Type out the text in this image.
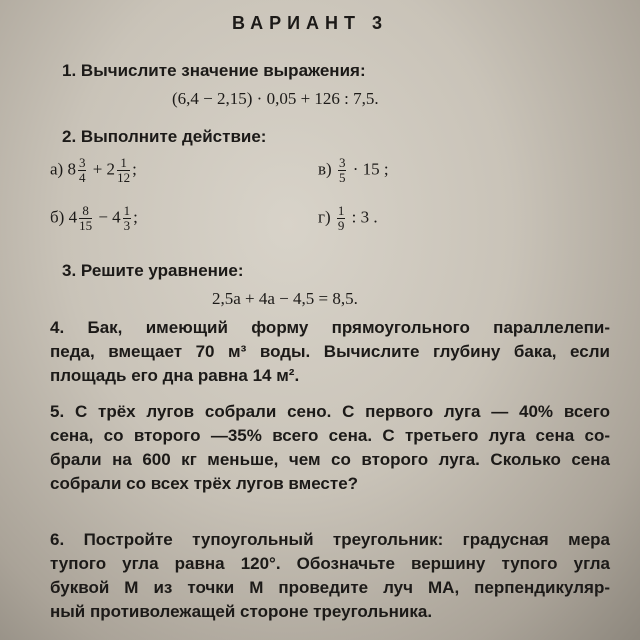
ВАРИАНТ 3
1. Вычислите значение выражения:
(6,4 − 2,15) · 0,05 + 126 : 7,5.
2. Выполните действие:
а) $8 \frac{3}{4} + 2 \frac{1}{12}$ ;	$в) \frac{3}{5} \cdot 15$ ;
б) $4 \frac{8}{15} - 4 \frac{1}{3}$ ;	$г) \frac{1}{9}$ : 3 .
3. Решите уравнение:
2,5a + 4a − 4,5 = 8,5.
4. Бак, имеющий форму прямоугольного параллелепи-
педа, вмещает 70 м³ воды. Вычислите глубину бака, если
площадь его дна равна 14 м².
5. С трёх лугов собрали сено. С первого луга — 40% всего
сена, со второго —35% всего сена. С третьего луга сена со-
брали на 600 кг меньше, чем со второго луга. Сколько сена
собрали со всех трёх лугов вместе?
6. Постройте тупоугольный треугольник: градусная мера
тупого угла равна 120°. Обозначьте вершину тупого угла
буквой M из точки M проведите луч MA, перпендикуляр-
ный противолежащей стороне треугольника.
